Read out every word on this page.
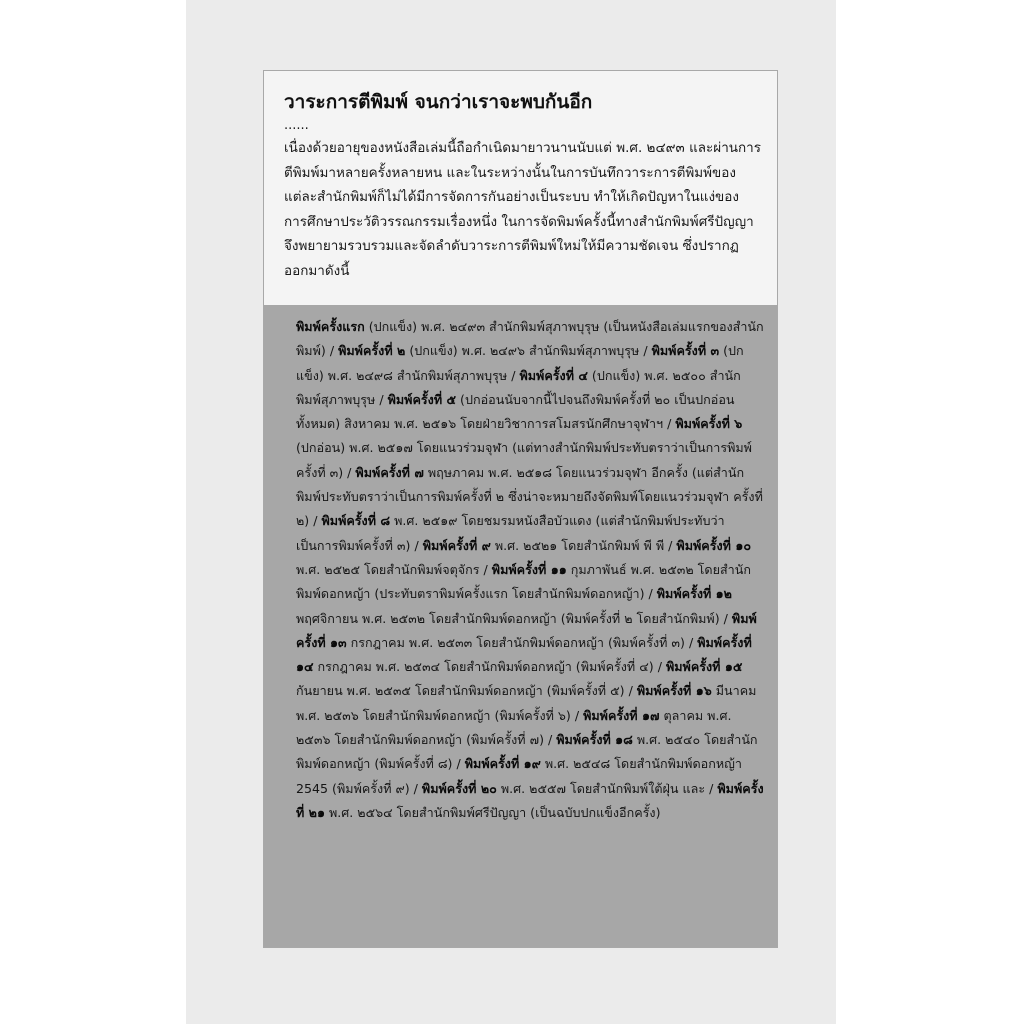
วาระการตีพิมพ์ จนกว่าเราจะพบกันอีก
......

เนื่องด้วยอายุของหนังสือเล่มนี้ถือกำเนิดมายาวนานนับแต่ พ.ศ. ๒๔๙๓ และผ่านการตีพิมพ์มาหลายครั้งหลายหน และในระหว่างนั้นในการบันทึกวาระการตีพิมพ์ของแต่ละสำนักพิมพ์ก็ไม่ได้มีการจัดการกันอย่างเป็นระบบ ทำให้เกิดปัญหาในแง่ของการศึกษาประวัติวรรณกรรมเรื่องหนึ่ง ในการจัดพิมพ์ครั้งนี้ทางสำนักพิมพ์ศรีปัญญาจึงพยายามรวบรวมและจัดลำดับวาระการตีพิมพ์ใหม่ให้มีความชัดเจน ซึ่งปรากฏออกมาดังนี้

พิมพ์ครั้งแรก (ปกแข็ง) พ.ศ. ๒๔๙๓ สำนักพิมพ์สุภาพบุรุษ (เป็นหนังสือเล่มแรกของสำนักพิมพ์) / พิมพ์ครั้งที่ ๒ (ปกแข็ง) พ.ศ. ๒๔๙๖ สำนักพิมพ์สุภาพบุรุษ / พิมพ์ครั้งที่ ๓ (ปกแข็ง) พ.ศ. ๒๔๙๘ สำนักพิมพ์สุภาพบุรุษ / พิมพ์ครั้งที่ ๔ (ปกแข็ง) พ.ศ. ๒๕๐๐ สำนักพิมพ์สุภาพบุรุษ / พิมพ์ครั้งที่ ๕ (ปกอ่อนนับจากนี้ไปจนถึงพิมพ์ครั้งที่ ๒๐ เป็นปกอ่อนทั้งหมด) สิงหาคม พ.ศ. ๒๕๑๖ โดยฝ่ายวิชาการสโมสรนักศึกษาจุฬาฯ / พิมพ์ครั้งที่ ๖ (ปกอ่อน) พ.ศ. ๒๕๑๗ โดยแนวร่วมจุฬา (แต่ทางสำนักพิมพ์ประทับตราว่าเป็นการพิมพ์ครั้งที่ ๓) / พิมพ์ครั้งที่ ๗ พฤษภาคม พ.ศ. ๒๕๑๘ โดยแนวร่วมจุฬา อีกครั้ง (แต่สำนักพิมพ์ประทับตราว่าเป็นการพิมพ์ครั้งที่ ๒ ซึ่งน่าจะหมายถึงจัดพิมพ์โดยแนวร่วมจุฬา ครั้งที่ ๒) / พิมพ์ครั้งที่ ๘ พ.ศ. ๒๕๑๙ โดยชมรมหนังสือบัวแดง (แต่สำนักพิมพ์ประทับว่าเป็นการพิมพ์ครั้งที่ ๓) / พิมพ์ครั้งที่ ๙ พ.ศ. ๒๕๒๑ โดยสำนักพิมพ์ พี พี / พิมพ์ครั้งที่ ๑๐ พ.ศ. ๒๕๒๕ โดยสำนักพิมพ์จตุจักร / พิมพ์ครั้งที่ ๑๑ กุมภาพันธ์ พ.ศ. ๒๕๓๒ โดยสำนักพิมพ์ดอกหญ้า (ประทับตราพิมพ์ครั้งแรก โดยสำนักพิมพ์ดอกหญ้า) / พิมพ์ครั้งที่ ๑๒ พฤศจิกายน พ.ศ. ๒๕๓๒ โดยสำนักพิมพ์ดอกหญ้า (พิมพ์ครั้งที่ ๒ โดยสำนักพิมพ์) / พิมพ์ครั้งที่ ๑๓ กรกฎาคม พ.ศ. ๒๕๓๓ โดยสำนักพิมพ์ดอกหญ้า (พิมพ์ครั้งที่ ๓) / พิมพ์ครั้งที่ ๑๔ กรกฎาคม พ.ศ. ๒๕๓๔ โดยสำนักพิมพ์ดอกหญ้า (พิมพ์ครั้งที่ ๔) / พิมพ์ครั้งที่ ๑๕ กันยายน พ.ศ. ๒๕๓๕ โดยสำนักพิมพ์ดอกหญ้า (พิมพ์ครั้งที่ ๕) / พิมพ์ครั้งที่ ๑๖ มีนาคม พ.ศ. ๒๕๓๖ โดยสำนักพิมพ์ดอกหญ้า (พิมพ์ครั้งที่ ๖) / พิมพ์ครั้งที่ ๑๗ ตุลาคม พ.ศ. ๒๕๓๖ โดยสำนักพิมพ์ดอกหญ้า (พิมพ์ครั้งที่ ๗) / พิมพ์ครั้งที่ ๑๘ พ.ศ. ๒๕๔๐ โดยสำนักพิมพ์ดอกหญ้า (พิมพ์ครั้งที่ ๘) / พิมพ์ครั้งที่ ๑๙ พ.ศ. ๒๕๔๘ โดยสำนักพิมพ์ดอกหญ้า 2545 (พิมพ์ครั้งที่ ๙) / พิมพ์ครั้งที่ ๒๐ พ.ศ. ๒๕๕๗ โดยสำนักพิมพ์ใต้ฝุ่น และ / พิมพ์ครั้งที่ ๒๑ พ.ศ. ๒๕๖๔ โดยสำนักพิมพ์ศรีปัญญา (เป็นฉบับปกแข็งอีกครั้ง)
